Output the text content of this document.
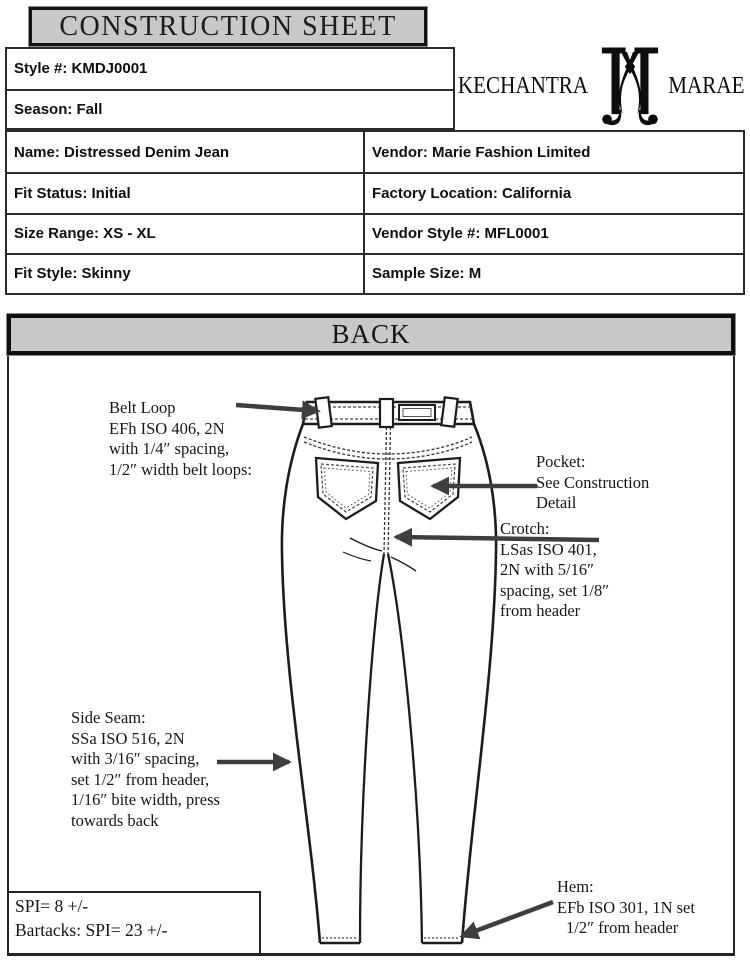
CONSTRUCTION SHEET
KECHANTRA	MARAE
Style #: KMDJ0001
Season: Fall
Name: Distressed Denim Jean	Vendor: Marie Fashion Limited
Fit Status: Initial	Factory Location: California
Size Range: XS - XL	Vendor Style #: MFL0001
Fit Style: Skinny	Sample Size: M
BACK
Belt Loop
EFh ISO 406, 2N
with 1/4″ spacing,
1/2″ width belt loops:	Pocket:
See Construction
Detail
Crotch:
LSas ISO 401,
2N with 5/16″
spacing, set 1/8″
from header
Side Seam:
SSa ISO 516, 2N
with 3/16″ spacing,
set 1/2″ from header,
1/16″ bite width, press
towards back
Hem:
EFb ISO 301, 1N set
1/2″ from header
SPI= 8 +/-
Bartacks: SPI= 23 +/-
